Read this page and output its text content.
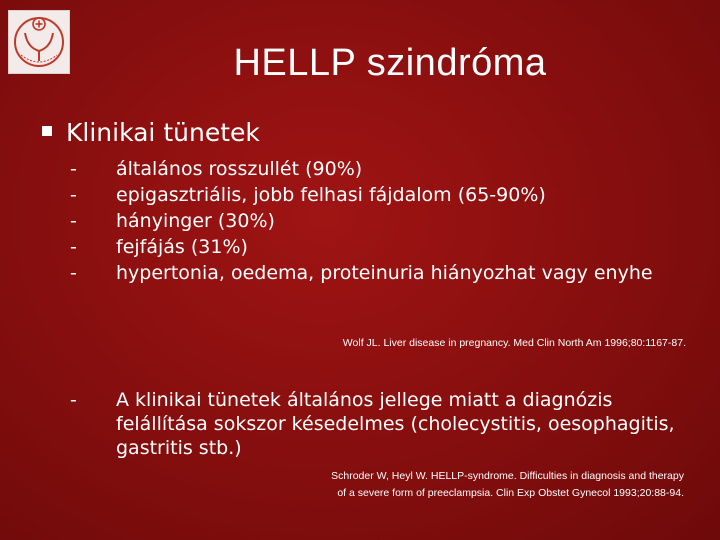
HELLP szindróma
Klinikai tünetek
-	általános rosszullét (90%)
-	epigasztriális, jobb felhasi fájdalom (65-90%)
-	hányinger (30%)
-	fejfájás (31%)
-	hypertonia, oedema, proteinuria hiányozhat vagy enyhe
Wolf JL. Liver disease in pregnancy. Med Clin North Am 1996;80:1167-87.
-	A klinikai tünetek általános jellege miatt a diagnózis felállítása sokszor késedelmes (cholecystitis, oesophagitis, gastritis stb.)
Schroder W, Heyl W. HELLP-syndrome. Difficulties in diagnosis and therapy
of a severe form of preeclampsia. Clin Exp Obstet Gynecol 1993;20:88-94.
